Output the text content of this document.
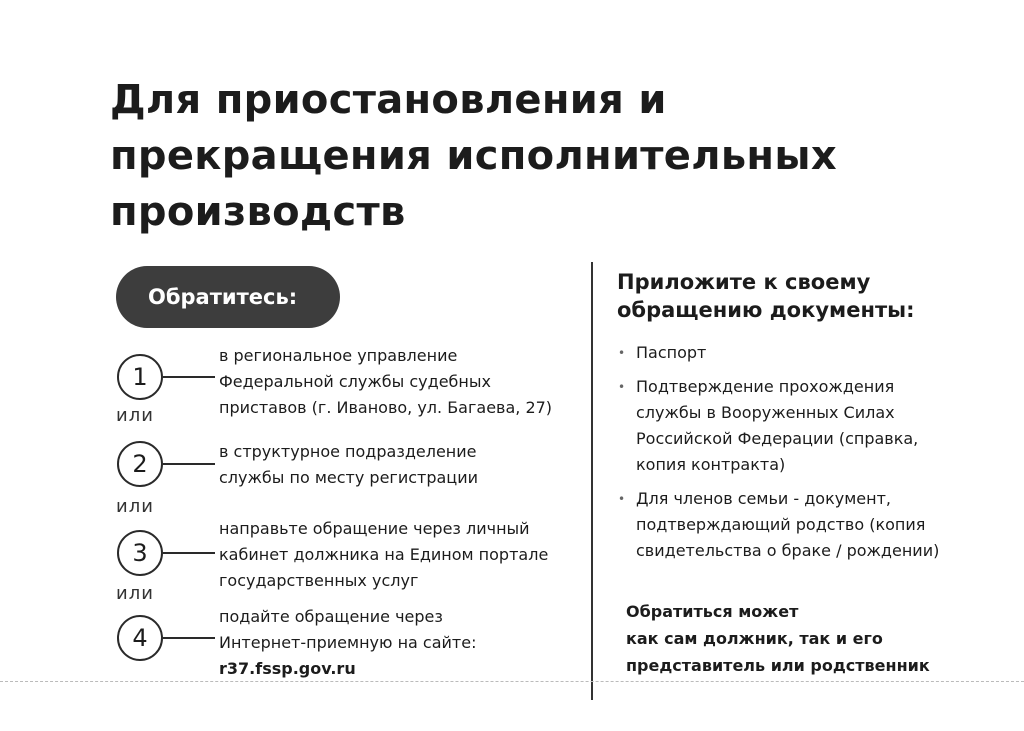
Для приостановления и
прекращения исполнительных
производств
Обратитесь:
1
в региональное управление
Федеральной службы судебных
приставов (г. Иваново, ул. Багаева, 27)
или
2	в структурное подразделение
службы по месту регистрации
или
3
направьте обращение через личный
кабинет должника на Едином портале
государственных услуг
или
4
подайте обращение через
Интернет-приемную на сайте:
r37.fssp.gov.ru
Приложите к своему
обращению документы:
• Паспорт
• Подтверждение прохождения службы в Вооруженных Силах Российской Федерации (справка, копия контракта)
• Для членов семьи - документ, подтверждающий родство (копия свидетельства о браке / рождении)
Обратиться может
как сам должник, так и его
представитель или родственник
